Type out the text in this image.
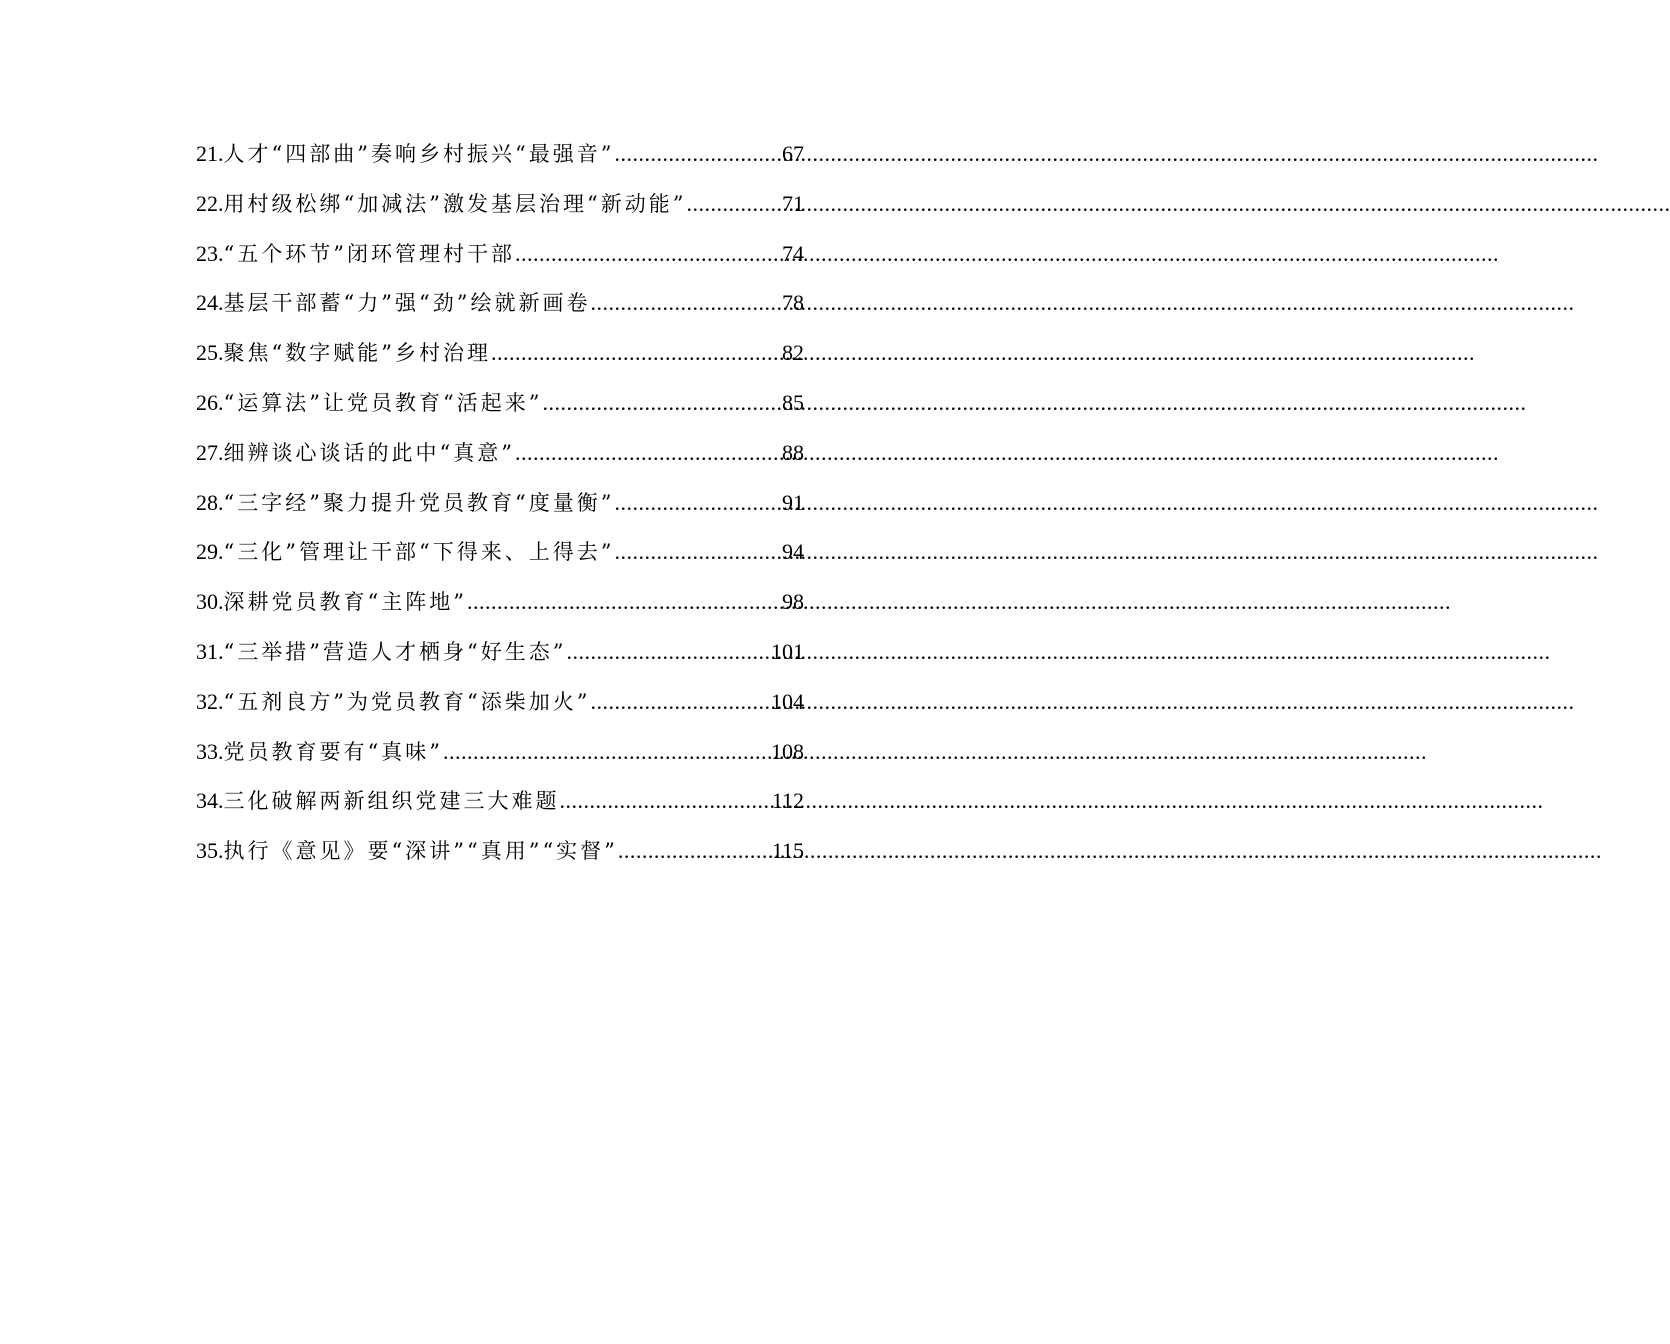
21. 人才“四部曲”奏响乡村振兴“最强音” .....	67
22. 用村级松绑“加减法”激发基层治理“新动能” .....	71
23. “五个环节”闭环管理村干部 .....	74
24. 基层干部蓄“力”强“劲”绘就新画卷 .....	78
25. 聚焦“数字赋能”乡村治理 .....	82
26. “运算法”让党员教育“活起来” .....	85
27. 细辨谈心谈话的此中“真意” .....	88
28. “三字经”聚力提升党员教育“度量衡” .....	91
29. “三化”管理让干部“下得来、上得去” .....	94
30. 深耕党员教育“主阵地” .....	98
31. “三举措”营造人才栖身“好生态” .....	101
32. “五剂良方”为党员教育“添柴加火” .....	104
33. 党员教育要有“真味” .....	108
34. 三化破解两新组织党建三大难题 .....	112
35. 执行《意见》要“深讲”“真用”“实督” .....	115
